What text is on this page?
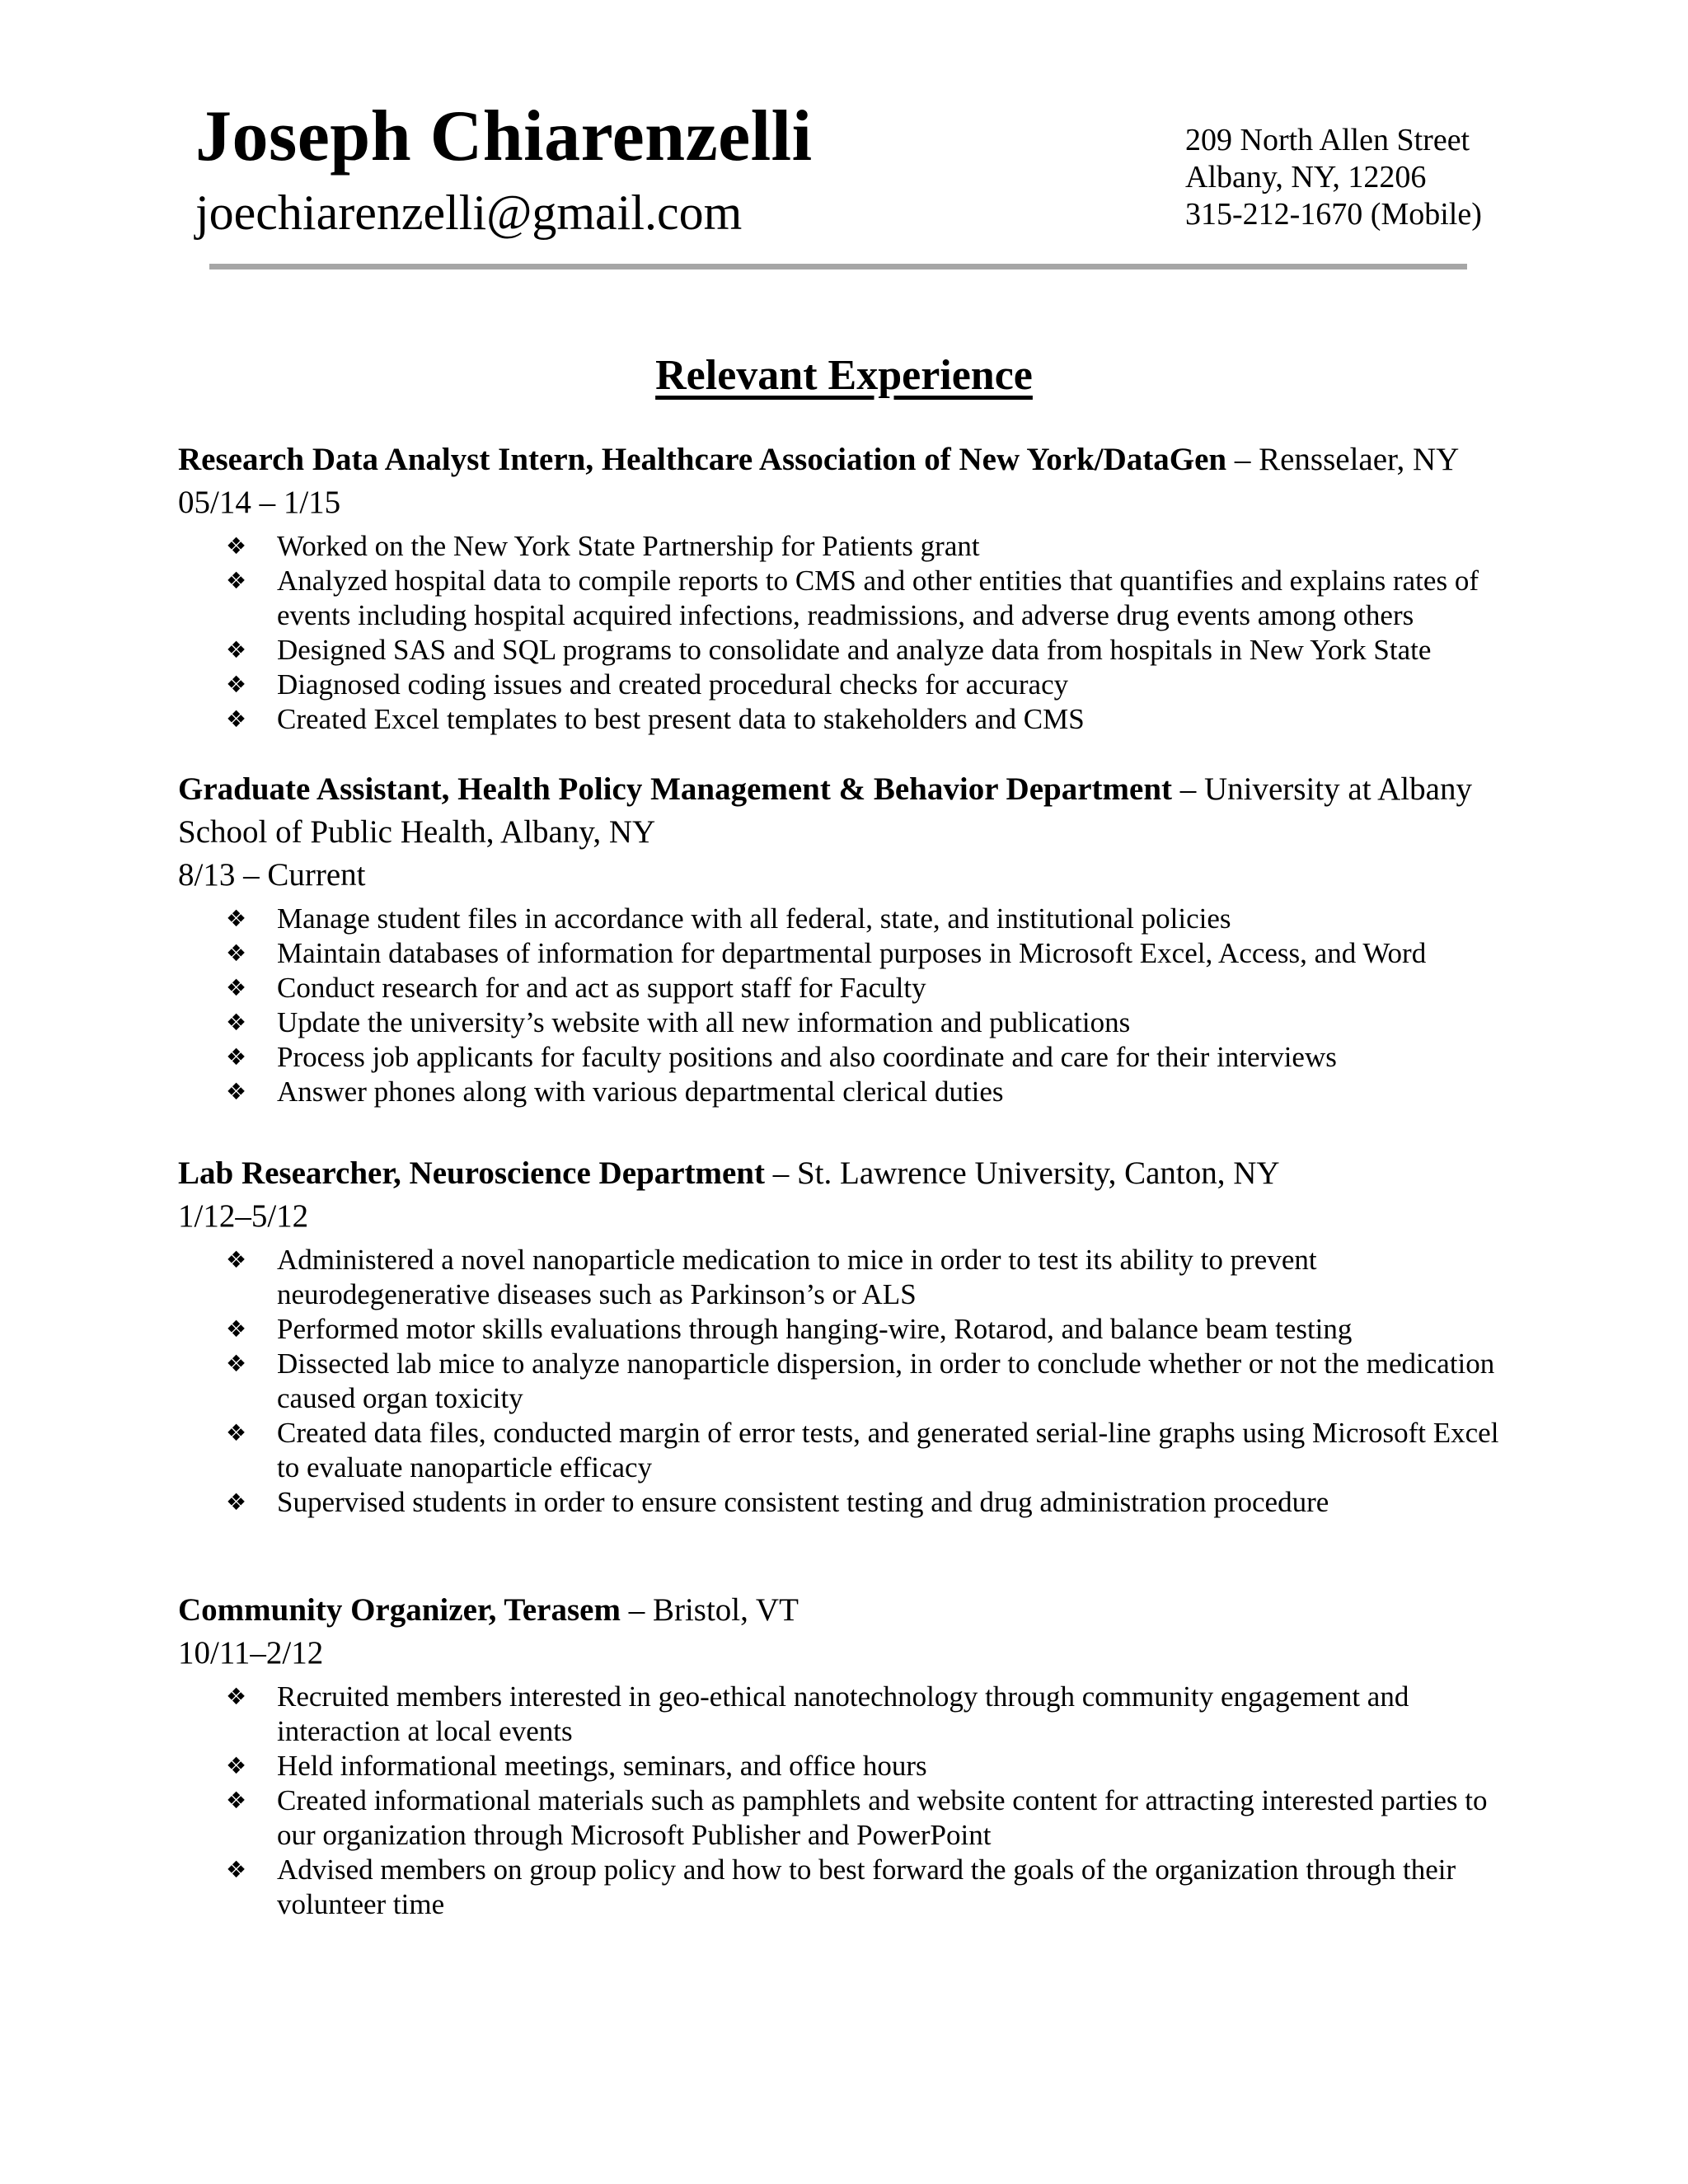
Joseph Chiarenzelli
joechiarenzelli@gmail.com
209 North Allen Street
Albany, NY, 12206
315-212-1670 (Mobile)
Relevant Experience
Research Data Analyst Intern, Healthcare Association of New York/DataGen – Rensselaer, NY
05/14 – 1/15
❖ Worked on the New York State Partnership for Patients grant
❖ Analyzed hospital data to compile reports to CMS and other entities that quantifies and explains rates of events including hospital acquired infections, readmissions, and adverse drug events among others
❖ Designed SAS and SQL programs to consolidate and analyze data from hospitals in New York State
❖ Diagnosed coding issues and created procedural checks for accuracy
❖ Created Excel templates to best present data to stakeholders and CMS
Graduate Assistant, Health Policy Management & Behavior Department – University at Albany School of Public Health, Albany, NY
8/13 – Current
❖ Manage student files in accordance with all federal, state, and institutional policies
❖ Maintain databases of information for departmental purposes in Microsoft Excel, Access, and Word
❖ Conduct research for and act as support staff for Faculty
❖ Update the university’s website with all new information and publications
❖ Process job applicants for faculty positions and also coordinate and care for their interviews
❖ Answer phones along with various departmental clerical duties
Lab Researcher, Neuroscience Department – St. Lawrence University, Canton, NY
1/12–5/12
❖ Administered a novel nanoparticle medication to mice in order to test its ability to prevent neurodegenerative diseases such as Parkinson’s or ALS
❖ Performed motor skills evaluations through hanging-wire, Rotarod, and balance beam testing
❖ Dissected lab mice to analyze nanoparticle dispersion, in order to conclude whether or not the medication caused organ toxicity
❖ Created data files, conducted margin of error tests, and generated serial-line graphs using Microsoft Excel to evaluate nanoparticle efficacy
❖ Supervised students in order to ensure consistent testing and drug administration procedure
Community Organizer, Terasem – Bristol, VT
10/11–2/12
❖ Recruited members interested in geo-ethical nanotechnology through community engagement and interaction at local events
❖ Held informational meetings, seminars, and office hours
❖ Created informational materials such as pamphlets and website content for attracting interested parties to our organization through Microsoft Publisher and PowerPoint
❖ Advised members on group policy and how to best forward the goals of the organization through their volunteer time
